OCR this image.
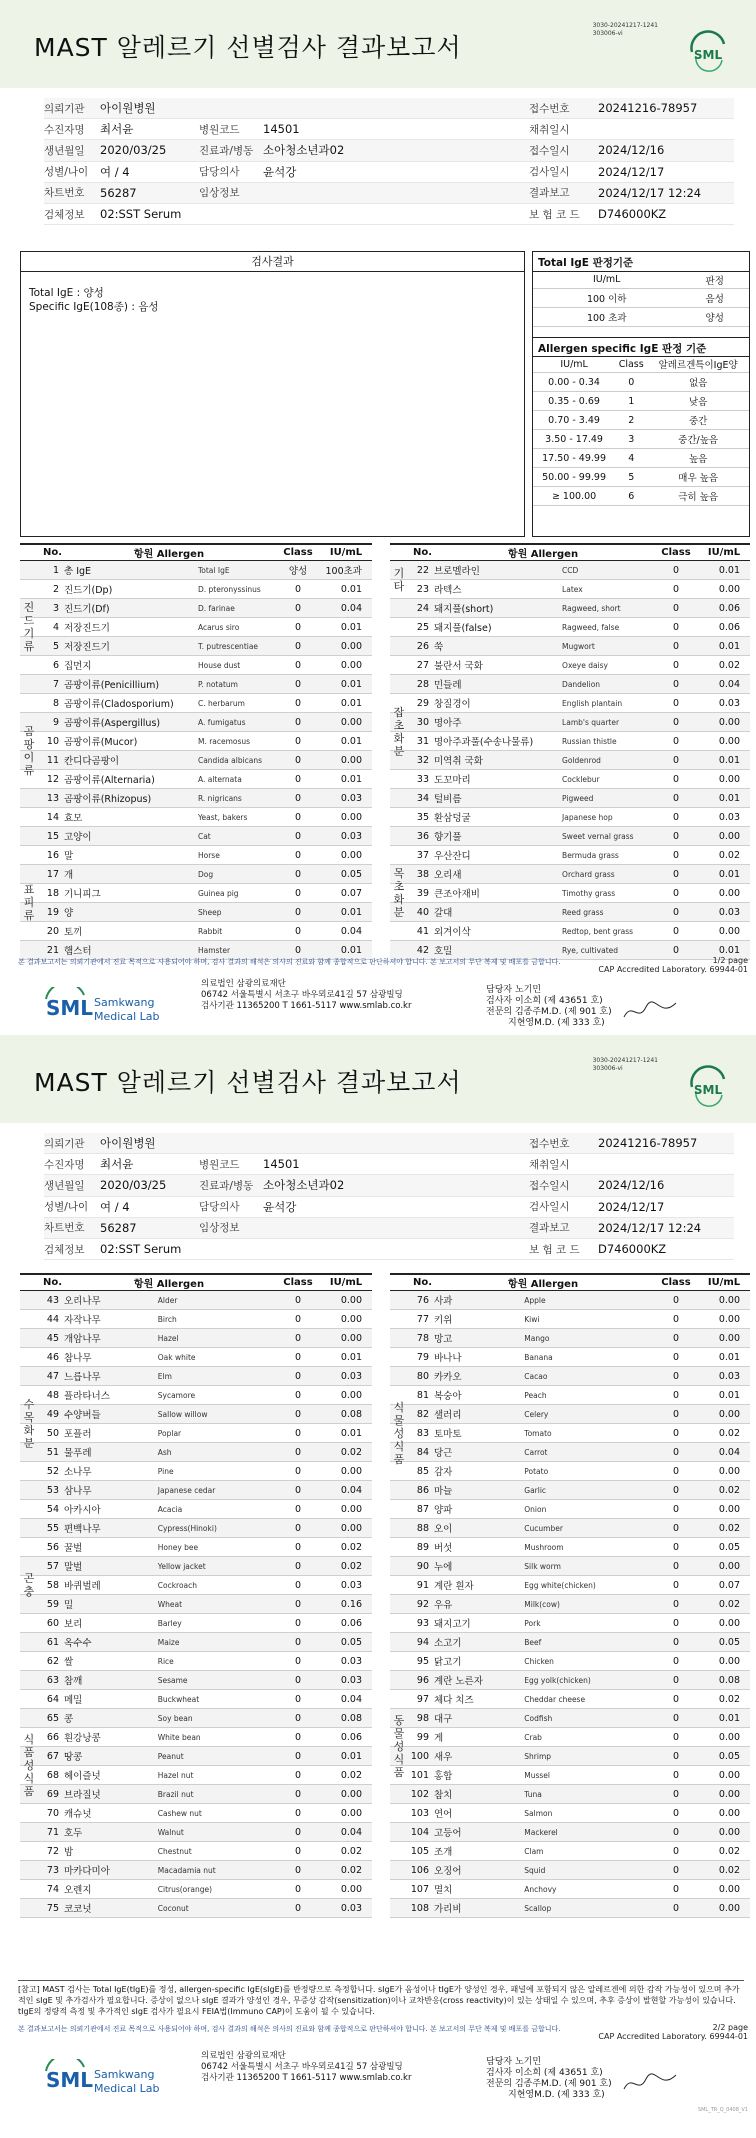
MAST 알레르기 선별검사 결과보고서
3030-20241217-1241
303006-vi
SML
의뢰기관 아이원병원	접수번호 20241216-78957
수진자명 최서윤	병원코드 14501	채취일시
생년월일 2020/03/25	진료과/병동 소아청소년과02	접수일시 2024/12/16
성별/나이 여 / 4	담당의사 윤석강	검사일시 2024/12/17
차트번호 56287	임상정보	결과보고 2024/12/17 12:24
검체정보 02:SST Serum	보 험 코 드 D746000KZ
검사결과
Total IgE : 양성
Specific IgE(108종) : 음성
Total IgE 판정기준
IU/mL	판정
100 이하	음성
100 초과	양성
Allergen specific IgE 판정 기준
IU/mL	Class	알레르겐특이IgE양
0.00 - 0.34	0	없음
0.35 - 0.69	1	낮음
0.70 - 3.49	2	중간
3.50 - 17.49	3	중간/높음
17.50 - 49.99	4	높음
50.00 - 99.99	5	매우 높음
≥ 100.00	6	극히 높음
No.	항원 Allergen		Class	IU/mL
1	총 IgE	Total IgE	양성	100초과
2	진드기(Dp)	D. pteronyssinus	0	0.01
3	진드기(Df)	D. farinae	0	0.04
4	저장진드기	Acarus siro	0	0.01
5	저장진드기	T. putrescentiae	0	0.00
6	집먼지	House dust	0	0.00
7	곰팡이류(Penicillium)	P. notatum	0	0.01
8	곰팡이류(Cladosporium)	C. herbarum	0	0.01
9	곰팡이류(Aspergillus)	A. fumigatus	0	0.00
10	곰팡이류(Mucor)	M. racemosus	0	0.01
11	칸디다곰팡이	Candida albicans	0	0.00
12	곰팡이류(Alternaria)	A. alternata	0	0.01
13	곰팡이류(Rhizopus)	R. nigricans	0	0.03
14	효모	Yeast, bakers	0	0.00
15	고양이	Cat	0	0.03
16	말	Horse	0	0.00
17	개	Dog	0	0.05
18	기니피그	Guinea pig	0	0.07
19	양	Sheep	0	0.01
20	토끼	Rabbit	0	0.04
21	햄스터	Hamster	0	0.01
No.	항원 Allergen		Class	IU/mL
22	브로멜라인	CCD	0	0.01
23	라텍스	Latex	0	0.00
24	돼지풀(short)	Ragweed, short	0	0.06
25	돼지풀(false)	Ragweed, false	0	0.06
26	쑥	Mugwort	0	0.01
27	불란서 국화	Oxeye daisy	0	0.02
28	민들레	Dandelion	0	0.04
29	창질경이	English plantain	0	0.03
30	명아주	Lamb's quarter	0	0.00
31	명아주과풀(수송나물류)	Russian thistle	0	0.00
32	미역취 국화	Goldenrod	0	0.01
33	도꼬마리	Cocklebur	0	0.00
34	털비름	Pigweed	0	0.01
35	환삼덩굴	Japanese hop	0	0.03
36	향기풀	Sweet vernal grass	0	0.00
37	우산잔디	Bermuda grass	0	0.02
38	오리새	Orchard grass	0	0.01
39	큰조아재비	Timothy grass	0	0.00
40	갈대	Reed grass	0	0.03
41	외겨이삭	Redtop, bent grass	0	0.00
42	호밀	Rye, cultivated	0	0.01
진
드
기
류
곰
팡
이
류
표
피
류
기
타
잡
초
화
분
목
초
화
분
1/2 page
CAP Accredited Laboratory. 69944-01
본 결과보고서는 의뢰기관에서 진료 목적으로 사용되어야 하며, 검사 결과의 해석은 의사의 진료와 함께 종합적으로 판단하셔야 합니다. 본 보고서의 무단 복제 및 배포를 금합니다.
SML Samkwang
Medical Lab
의료법인 삼광의료재단
06742 서울특별시 서초구 바우뫼로41길 57 삼광빌딩
검사기관 11365200 T 1661-5117 www.smlab.co.kr
담당자 노기민
검사자 이소희 (제 43651 호)
전문의 김종주M.D. (제 901 호)
지현영M.D. (제 333 호)
MAST 알레르기 선별검사 결과보고서
3030-20241217-1241
303006-vi
SML
의뢰기관 아이원병원	접수번호 20241216-78957
수진자명 최서윤	병원코드 14501	채취일시
생년월일 2020/03/25	진료과/병동 소아청소년과02	접수일시 2024/12/16
성별/나이 여 / 4	담당의사 윤석강	검사일시 2024/12/17
차트번호 56287	임상정보	결과보고 2024/12/17 12:24
검체정보 02:SST Serum	보 험 코 드 D746000KZ
No.	항원 Allergen		Class	IU/mL
43	오리나무	Alder	0	0.00
44	자작나무	Birch	0	0.00
45	개암나무	Hazel	0	0.00
46	참나무	Oak white	0	0.01
47	느릅나무	Elm	0	0.03
48	플라타너스	Sycamore	0	0.00
49	수양버들	Sallow willow	0	0.08
50	포플러	Poplar	0	0.01
51	물푸레	Ash	0	0.02
52	소나무	Pine	0	0.00
53	삼나무	Japanese cedar	0	0.04
54	아카시아	Acacia	0	0.00
55	편백나무	Cypress(Hinoki)	0	0.00
56	꿀벌	Honey bee	0	0.02
57	말벌	Yellow jacket	0	0.02
58	바퀴벌레	Cockroach	0	0.03
59	밀	Wheat	0	0.16
60	보리	Barley	0	0.06
61	옥수수	Maize	0	0.05
62	쌀	Rice	0	0.03
63	참깨	Sesame	0	0.03
64	메밀	Buckwheat	0	0.04
65	콩	Soy bean	0	0.08
66	흰강낭콩	White bean	0	0.06
67	땅콩	Peanut	0	0.01
68	헤이즐넛	Hazel nut	0	0.02
69	브라질넛	Brazil nut	0	0.00
70	캐슈넛	Cashew nut	0	0.00
71	호두	Walnut	0	0.04
72	밤	Chestnut	0	0.02
73	마카다미아	Macadamia nut	0	0.02
74	오렌지	Citrus(orange)	0	0.00
75	코코넛	Coconut	0	0.03
No.	항원 Allergen		Class	IU/mL
76	사과	Apple	0	0.00
77	키위	Kiwi	0	0.00
78	망고	Mango	0	0.00
79	바나나	Banana	0	0.01
80	카카오	Cacao	0	0.03
81	복숭아	Peach	0	0.01
82	샐러리	Celery	0	0.00
83	토마토	Tomato	0	0.02
84	당근	Carrot	0	0.04
85	감자	Potato	0	0.00
86	마늘	Garlic	0	0.02
87	양파	Onion	0	0.00
88	오이	Cucumber	0	0.02
89	버섯	Mushroom	0	0.05
90	누에	Silk worm	0	0.00
91	계란 흰자	Egg white(chicken)	0	0.07
92	우유	Milk(cow)	0	0.02
93	돼지고기	Pork	0	0.00
94	소고기	Beef	0	0.05
95	닭고기	Chicken	0	0.00
96	계란 노른자	Egg yolk(chicken)	0	0.08
97	체다 치즈	Cheddar cheese	0	0.02
98	대구	Codfish	0	0.01
99	게	Crab	0	0.00
100	새우	Shrimp	0	0.05
101	홍합	Mussel	0	0.00
102	참치	Tuna	0	0.00
103	연어	Salmon	0	0.00
104	고등어	Mackerel	0	0.00
105	조개	Clam	0	0.02
106	오징어	Squid	0	0.02
107	멸치	Anchovy	0	0.00
108	가리비	Scallop	0	0.00
수
목
화
분
곤
충
식
품
성
식
품
식
물
성
식
품
동
물
성
식
품
[참고] MAST 검사는 Total IgE(tIgE)를 정성, allergen-specific IgE(sIgE)를 반정량으로 측정합니다. sIgE가 음성이나 tIgE가 양성인 경우, 패널에 포함되지 않은 알레르겐에 의한 감작 가능성이 있으며 추가적인 sIgE 및 추가검사가 필요합니다. 증상이 없으나 sIgE 결과가 양성인 경우, 무증상 감작(sensitization)이나 교차반응(cross reactivity)이 있는 상태일 수 있으며, 추후 증상이 발현할 가능성이 있습니다. tIgE의 정량적 측정 및 추가적인 sIgE 검사가 필요시 FEIA법(Immuno CAP)이 도움이 될 수 있습니다.
2/2 page
CAP Accredited Laboratory. 69944-01
본 결과보고서는 의뢰기관에서 진료 목적으로 사용되어야 하며, 검사 결과의 해석은 의사의 진료와 함께 종합적으로 판단하셔야 합니다. 본 보고서의 무단 복제 및 배포를 금합니다.
SML Samkwang
Medical Lab
의료법인 삼광의료재단
06742 서울특별시 서초구 바우뫼로41길 57 삼광빌딩
검사기관 11365200 T 1661-5117 www.smlab.co.kr
담당자 노기민
검사자 이소희 (제 43651 호)
전문의 김종주M.D. (제 901 호)
지현영M.D. (제 333 호)
SML_TR_Q_0408_V1
